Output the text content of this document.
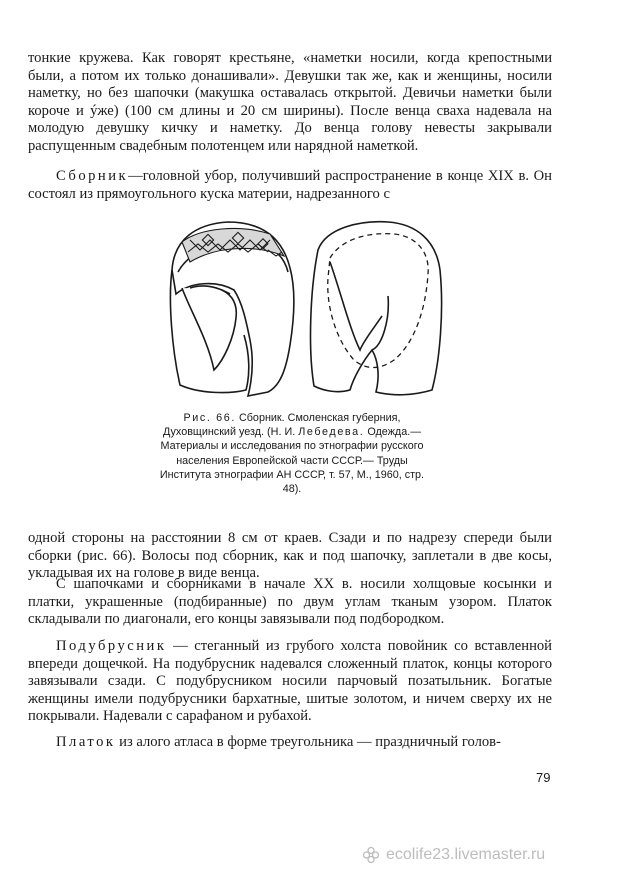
тонкие кружева. Как говорят крестьяне, «наметки носили, когда крепостными были, а потом их только донашивали». Девушки так же, как и женщины, носили наметку, но без шапочки (макушка оставалась открытой. Девичьи наметки были короче и ýже) (100 см длины и 20 см ширины). После венца сваха надевала на молодую девушку кичку и наметку. До венца голову невесты закрывали распущенным свадебным полотенцем или нарядной наметкой.

Сборник—головной убор, получивший распространение в конце XIX в. Он состоял из прямоугольного куска материи, надрезанного с

Рис. 66. Сборник. Смоленская губерния, Духовщинский уезд. (Н. И. Лебедева. Одежда.— Материалы и исследования по этнографии русского населения Европейской части СССР.— Труды Института этнографии АН СССР, т. 57, М., 1960, стр. 48).

одной стороны на расстоянии 8 см от краев. Сзади и по надрезу спереди были сборки (рис. 66). Волосы под сборник, как и под шапочку, заплетали в две косы, укладывая их на голове в виде венца.

С шапочками и сборниками в начале XX в. носили холщовые косынки и платки, украшенные (подбиранные) по двум углам тканым узором. Платок складывали по диагонали, его концы завязывали под подбородком.

Подубрусник — стеганный из грубого холста повойник со вставленной впереди дощечкой. На подубрусник надевался сложенный платок, концы которого завязывали сзади. С подубрусником носили парчовый позатыльник. Богатые женщины имели подубрусники бархатные, шитые золотом, и ничем сверху их не покрывали. Надевали с сарафаном и рубахой.

Платок из алого атласа в форме треугольника — праздничный голов-

79
ecolife23.livemaster.ru
